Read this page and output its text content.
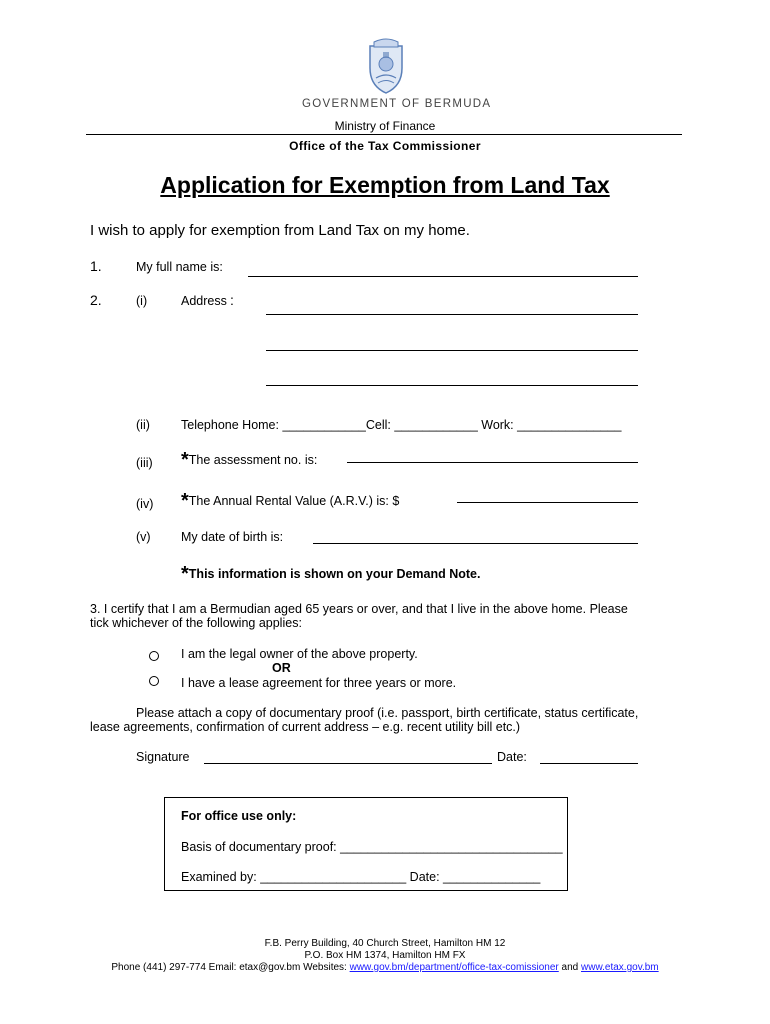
GOVERNMENT OF BERMUDA
Ministry of Finance
Office of the Tax Commissioner
Application for Exemption from Land Tax
I wish to apply for exemption from Land Tax on my home.
1.	My full name is:
2.	(i)	Address :
(ii) Telephone Home: ____________Cell: ____________ Work: _______________
(iii) *The assessment no. is:
(iv) *The Annual Rental Value (A.R.V.) is: $
(v) My date of birth is:
*This information is shown on your Demand Note.
3. I certify that I am a Bermudian aged 65 years or over, and that I live in the above home. Please
tick whichever of the following applies:
I am the legal owner of the above property.
OR
I have a lease agreement for three years or more.
Please attach a copy of documentary proof (i.e. passport, birth certificate, status certificate,
lease agreements, confirmation of current address – e.g. recent utility bill etc.)
Signature	Date:
For office use only:
Basis of documentary proof: ________________________________
Examined by: _____________________ Date: ______________
F.B. Perry Building, 40 Church Street, Hamilton HM 12
P.O. Box HM 1374, Hamilton HM FX
Phone (441) 297-774 Email: etax@gov.bm Websites: www.gov.bm/department/office-tax-comissioner and www.etax.gov.bm
